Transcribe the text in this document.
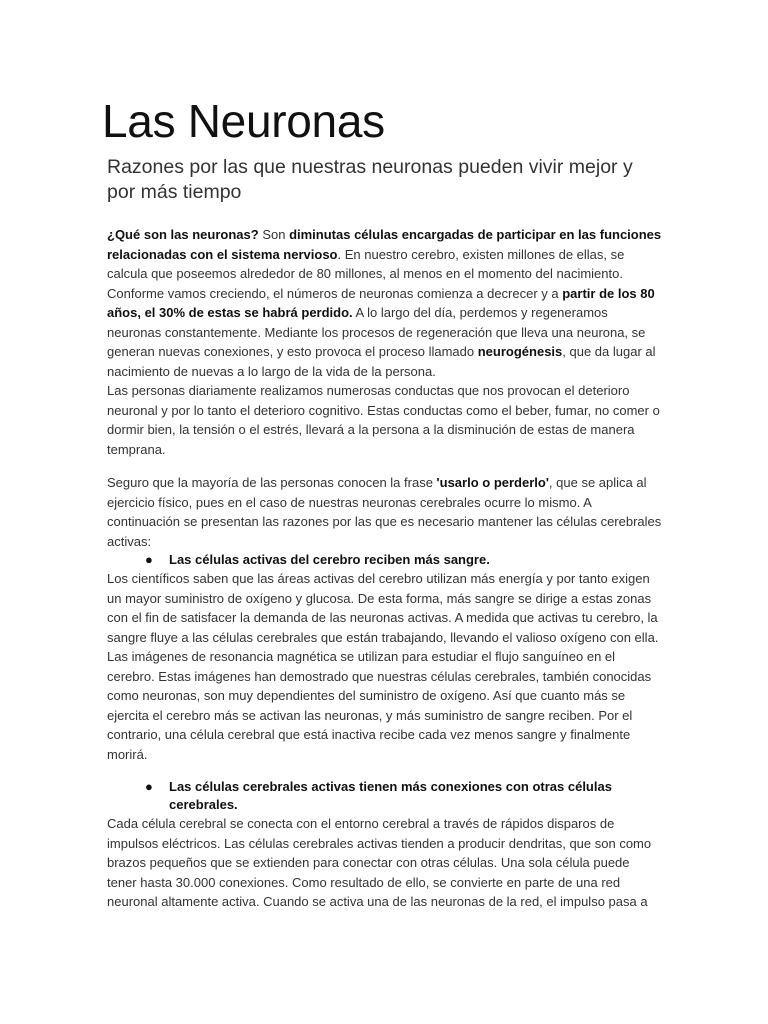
Las Neuronas
Razones por las que nuestras neuronas pueden vivir mejor y por más tiempo

¿Qué son las neuronas? Son diminutas células encargadas de participar en las funciones relacionadas con el sistema nervioso. En nuestro cerebro, existen millones de ellas, se calcula que poseemos alrededor de 80 millones, al menos en el momento del nacimiento. Conforme vamos creciendo, el números de neuronas comienza a decrecer y a partir de los 80 años, el 30% de estas se habrá perdido. A lo largo del día, perdemos y regeneramos neuronas constantemente. Mediante los procesos de regeneración que lleva una neurona, se generan nuevas conexiones, y esto provoca el proceso llamado neurogénesis, que da lugar al nacimiento de nuevas a lo largo de la vida de la persona.

Las personas diariamente realizamos numerosas conductas que nos provocan el deterioro neuronal y por lo tanto el deterioro cognitivo. Estas conductas como el beber, fumar, no comer o dormir bien, la tensión o el estrés, llevará a la persona a la disminución de estas de manera temprana.

Seguro que la mayoría de las personas conocen la frase 'usarlo o perderlo', que se aplica al ejercicio físico, pues en el caso de nuestras neuronas cerebrales ocurre lo mismo. A continuación se presentan las razones por las que es necesario mantener las células cerebrales activas:

●	Las células activas del cerebro reciben más sangre.

Los científicos saben que las áreas activas del cerebro utilizan más energía y por tanto exigen un mayor suministro de oxígeno y glucosa. De esta forma, más sangre se dirige a estas zonas con el fin de satisfacer la demanda de las neuronas activas. A medida que activas tu cerebro, la sangre fluye a las células cerebrales que están trabajando, llevando el valioso oxígeno con ella. Las imágenes de resonancia magnética se utilizan para estudiar el flujo sanguíneo en el cerebro. Estas imágenes han demostrado que nuestras células cerebrales, también conocidas como neuronas, son muy dependientes del suministro de oxígeno. Así que cuanto más se ejercita el cerebro más se activan las neuronas, y más suministro de sangre reciben. Por el contrario, una célula cerebral que está inactiva recibe cada vez menos sangre y finalmente morirá.

●	Las células cerebrales activas tienen más conexiones con otras células cerebrales.

Cada célula cerebral se conecta con el entorno cerebral a través de rápidos disparos de impulsos eléctricos. Las células cerebrales activas tienden a producir dendritas, que son como brazos pequeños que se extienden para conectar con otras células. Una sola célula puede tener hasta 30.000 conexiones. Como resultado de ello, se convierte en parte de una red neuronal altamente activa. Cuando se activa una de las neuronas de la red, el impulso pasa a
